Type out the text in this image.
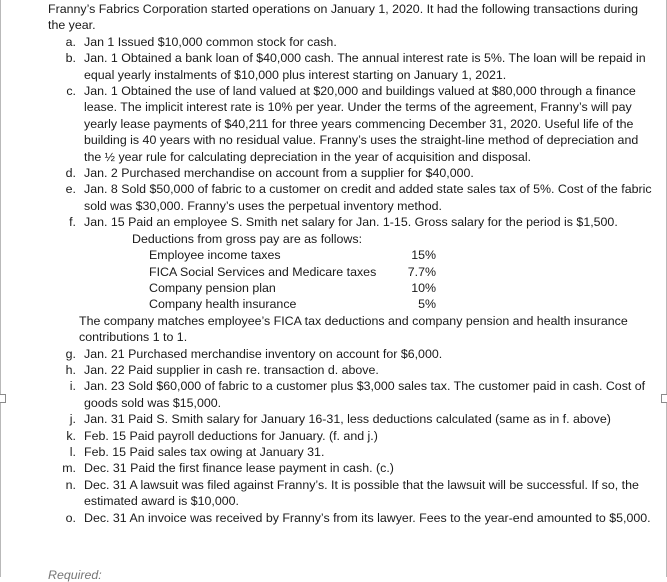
Franny’s Fabrics Corporation started operations on January 1, 2020. It had the following transactions during the year.
a. Jan 1 Issued $10,000 common stock for cash.
b. Jan. 1 Obtained a bank loan of $40,000 cash. The annual interest rate is 5%. The loan will be repaid in equal yearly instalments of $10,000 plus interest starting on January 1, 2021.
c. Jan. 1 Obtained the use of land valued at $20,000 and buildings valued at $80,000 through a finance lease. The implicit interest rate is 10% per year. Under the terms of the agreement, Franny’s will pay yearly lease payments of $40,211 for three years commencing December 31, 2020. Useful life of the building is 40 years with no residual value. Franny’s uses the straight-line method of depreciation and the ½ year rule for calculating depreciation in the year of acquisition and disposal.
d. Jan. 2 Purchased merchandise on account from a supplier for $40,000.
e. Jan. 8 Sold $50,000 of fabric to a customer on credit and added state sales tax of 5%. Cost of the fabric sold was $30,000. Franny’s uses the perpetual inventory method.
f. Jan. 15 Paid an employee S. Smith net salary for Jan. 1-15. Gross salary for the period is $1,500.
Deductions from gross pay are as follows:
Employee income taxes	15%
FICA Social Services and Medicare taxes	7.7%
Company pension plan	10%
Company health insurance	5%
The company matches employee’s FICA tax deductions and company pension and health insurance contributions 1 to 1.
g. Jan. 21 Purchased merchandise inventory on account for $6,000.
h. Jan. 22 Paid supplier in cash re. transaction d. above.
i. Jan. 23 Sold $60,000 of fabric to a customer plus $3,000 sales tax. The customer paid in cash. Cost of goods sold was $15,000.
j. Jan. 31 Paid S. Smith salary for January 16-31, less deductions calculated (same as in f. above)
k. Feb. 15 Paid payroll deductions for January. (f. and j.)
l. Feb. 15 Paid sales tax owing at January 31.
m. Dec. 31 Paid the first finance lease payment in cash. (c.)
n. Dec. 31 A lawsuit was filed against Franny’s. It is possible that the lawsuit will be successful. If so, the estimated award is $10,000.
o. Dec. 31 An invoice was received by Franny’s from its lawyer. Fees to the year-end amounted to $5,000.
Required:
